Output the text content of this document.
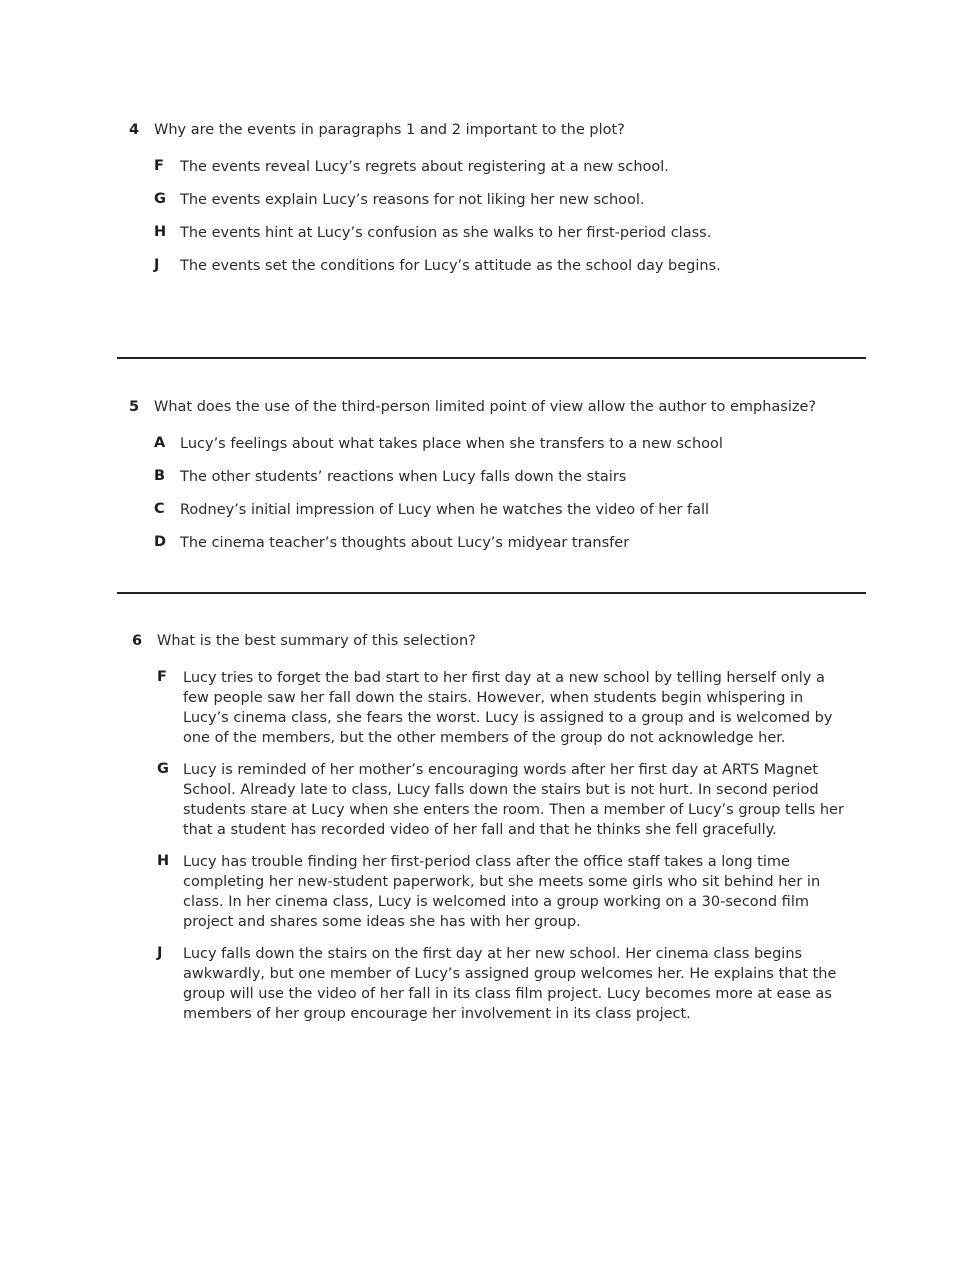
4 Why are the events in paragraphs 1 and 2 important to the plot?
F The events reveal Lucy’s regrets about registering at a new school.
G The events explain Lucy’s reasons for not liking her new school.
H The events hint at Lucy’s confusion as she walks to her first-period class.
J The events set the conditions for Lucy’s attitude as the school day begins.
5 What does the use of the third-person limited point of view allow the author to emphasize?
A Lucy’s feelings about what takes place when she transfers to a new school
B The other students’ reactions when Lucy falls down the stairs
C Rodney’s initial impression of Lucy when he watches the video of her fall
D The cinema teacher’s thoughts about Lucy’s midyear transfer
6 What is the best summary of this selection?
F Lucy tries to forget the bad start to her first day at a new school by telling herself only a few people saw her fall down the stairs. However, when students begin whispering in Lucy’s cinema class, she fears the worst. Lucy is assigned to a group and is welcomed by one of the members, but the other members of the group do not acknowledge her.
G Lucy is reminded of her mother’s encouraging words after her first day at ARTS Magnet School. Already late to class, Lucy falls down the stairs but is not hurt. In second period students stare at Lucy when she enters the room. Then a member of Lucy’s group tells her that a student has recorded video of her fall and that he thinks she fell gracefully.
H Lucy has trouble finding her first-period class after the office staff takes a long time completing her new-student paperwork, but she meets some girls who sit behind her in class. In her cinema class, Lucy is welcomed into a group working on a 30-second film project and shares some ideas she has with her group.
J Lucy falls down the stairs on the first day at her new school. Her cinema class begins awkwardly, but one member of Lucy’s assigned group welcomes her. He explains that the group will use the video of her fall in its class film project. Lucy becomes more at ease as members of her group encourage her involvement in its class project.
